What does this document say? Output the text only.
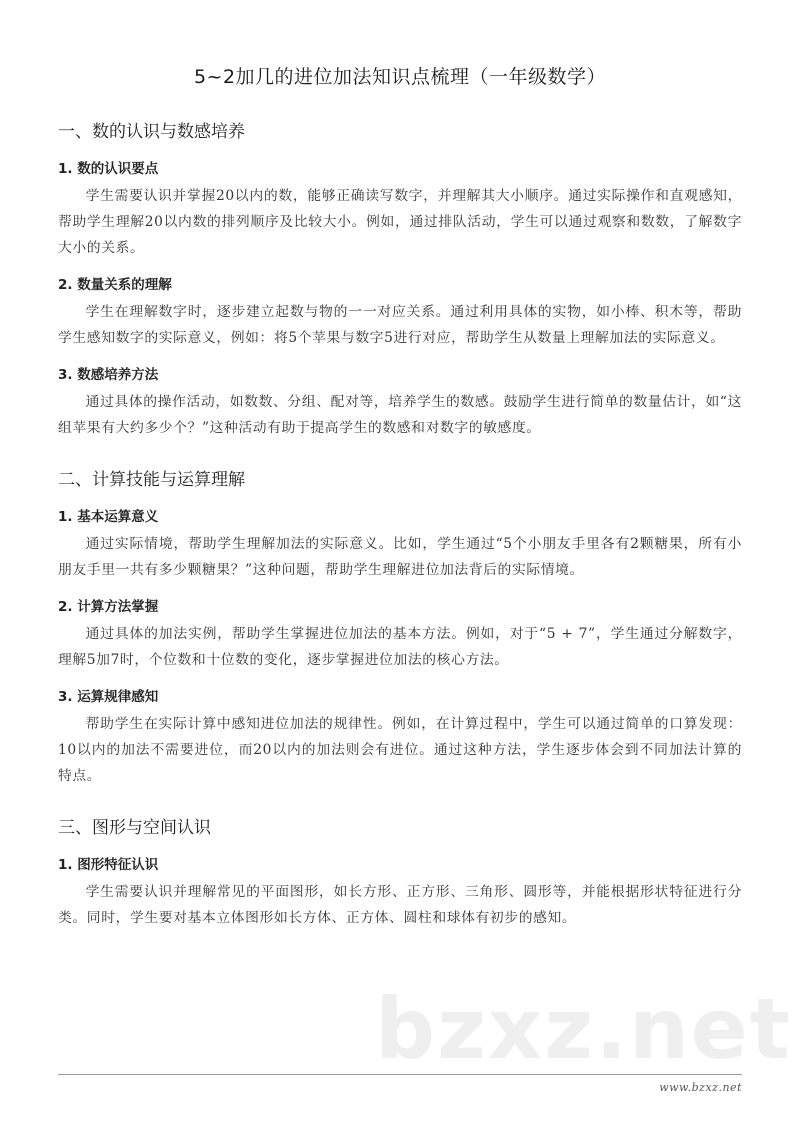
bzxz.net
5~2加几的进位加法知识点梳理（一年级数学）
一、数的认识与数感培养
1. 数的认识要点

学生需要认识并掌握20以内的数，能够正确读写数字，并理解其大小顺序。通过实际操作和直观感知，帮助学生理解20以内数的排列顺序及比较大小。例如，通过排队活动，学生可以通过观察和数数，了解数字大小的关系。

2. 数量关系的理解

学生在理解数字时，逐步建立起数与物的一一对应关系。通过利用具体的实物，如小棒、积木等，帮助学生感知数字的实际意义，例如：将5个苹果与数字5进行对应，帮助学生从数量上理解加法的实际意义。

3. 数感培养方法

通过具体的操作活动，如数数、分组、配对等，培养学生的数感。鼓励学生进行简单的数量估计，如“这组苹果有大约多少个？”这种活动有助于提高学生的数感和对数字的敏感度。

二、计算技能与运算理解
1. 基本运算意义

通过实际情境，帮助学生理解加法的实际意义。比如，学生通过“5个小朋友手里各有2颗糖果，所有小朋友手里一共有多少颗糖果？”这种问题，帮助学生理解进位加法背后的实际情境。

2. 计算方法掌握

通过具体的加法实例，帮助学生掌握进位加法的基本方法。例如，对于“5 + 7”，学生通过分解数字，理解5加7时，个位数和十位数的变化，逐步掌握进位加法的核心方法。

3. 运算规律感知

帮助学生在实际计算中感知进位加法的规律性。例如，在计算过程中，学生可以通过简单的口算发现：10以内的加法不需要进位，而20以内的加法则会有进位。通过这种方法，学生逐步体会到不同加法计算的特点。

三、图形与空间认识
1. 图形特征认识

学生需要认识并理解常见的平面图形，如长方形、正方形、三角形、圆形等，并能根据形状特征进行分类。同时，学生要对基本立体图形如长方体、正方体、圆柱和球体有初步的感知。

www.bzxz.net
